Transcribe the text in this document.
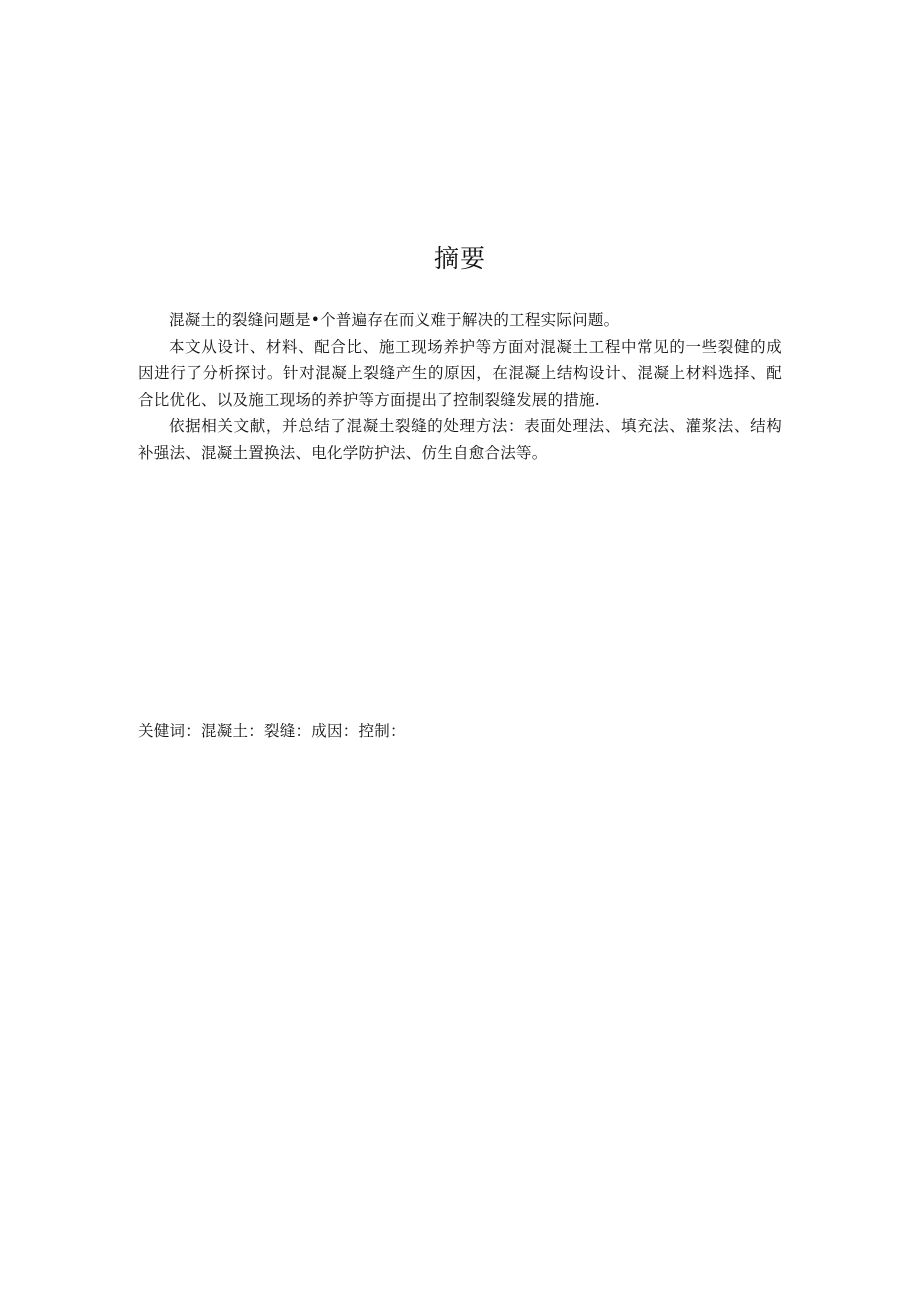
摘要

混凝土的裂缝问题是•个普遍存在而义难于解决的工程实际问题。

本文从设计、材料、配合比、施工现场养护等方面对混凝土工程中常见的一些裂健的成因进行了分析探讨。针对混凝上裂缝产生的原因，在混凝上结构设计、混凝上材料选择、配合比优化、以及施工现场的养护等方面提出了控制裂缝发展的措施.

依据相关文献，并总结了混凝土裂缝的处理方法：表面处理法、填充法、灌浆法、结构补强法、混凝土置换法、电化学防护法、仿生自愈合法等。

关健词：混凝土：裂缝：成因：控制：
